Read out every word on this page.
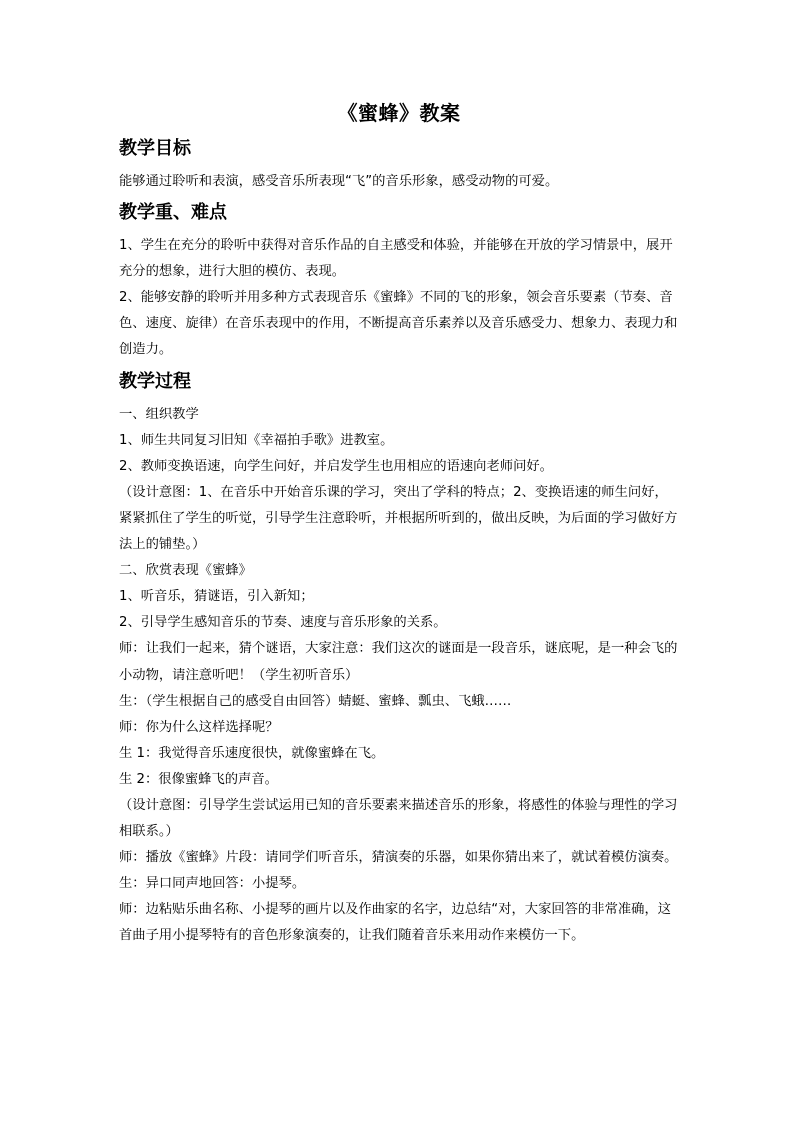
《蜜蜂》教案
教学目标

能够通过聆听和表演，感受音乐所表现“飞”的音乐形象，感受动物的可爱。

教学重、难点

1、学生在充分的聆听中获得对音乐作品的自主感受和体验，并能够在开放的学习情景中，展开充分的想象，进行大胆的模仿、表现。

2、能够安静的聆听并用多种方式表现音乐《蜜蜂》不同的飞的形象，领会音乐要素（节奏、音色、速度、旋律）在音乐表现中的作用，不断提高音乐素养以及音乐感受力、想象力、表现力和创造力。

教学过程

一、组织教学

1、师生共同复习旧知《幸福拍手歌》进教室。

2、教师变换语速，向学生问好，并启发学生也用相应的语速向老师问好。

（设计意图：1、在音乐中开始音乐课的学习，突出了学科的特点；2、变换语速的师生问好，紧紧抓住了学生的听觉，引导学生注意聆听，并根据所听到的，做出反映，为后面的学习做好方法上的铺垫。）

二、欣赏表现《蜜蜂》

1、听音乐，猜谜语，引入新知；

2、引导学生感知音乐的节奏、速度与音乐形象的关系。

师：让我们一起来，猜个谜语，大家注意：我们这次的谜面是一段音乐，谜底呢，是一种会飞的小动物，请注意听吧！（学生初听音乐）

生：（学生根据自己的感受自由回答）蜻蜓、蜜蜂、瓢虫、飞蛾……

师：你为什么这样选择呢？

生 1：我觉得音乐速度很快，就像蜜蜂在飞。

生 2：很像蜜蜂飞的声音。

（设计意图：引导学生尝试运用已知的音乐要素来描述音乐的形象，将感性的体验与理性的学习相联系。）

师：播放《蜜蜂》片段：请同学们听音乐，猜演奏的乐器，如果你猜出来了，就试着模仿演奏。

生：异口同声地回答：小提琴。

师：边粘贴乐曲名称、小提琴的画片以及作曲家的名字，边总结“对，大家回答的非常准确，这首曲子用小提琴特有的音色形象演奏的，让我们随着音乐来用动作来模仿一下。
